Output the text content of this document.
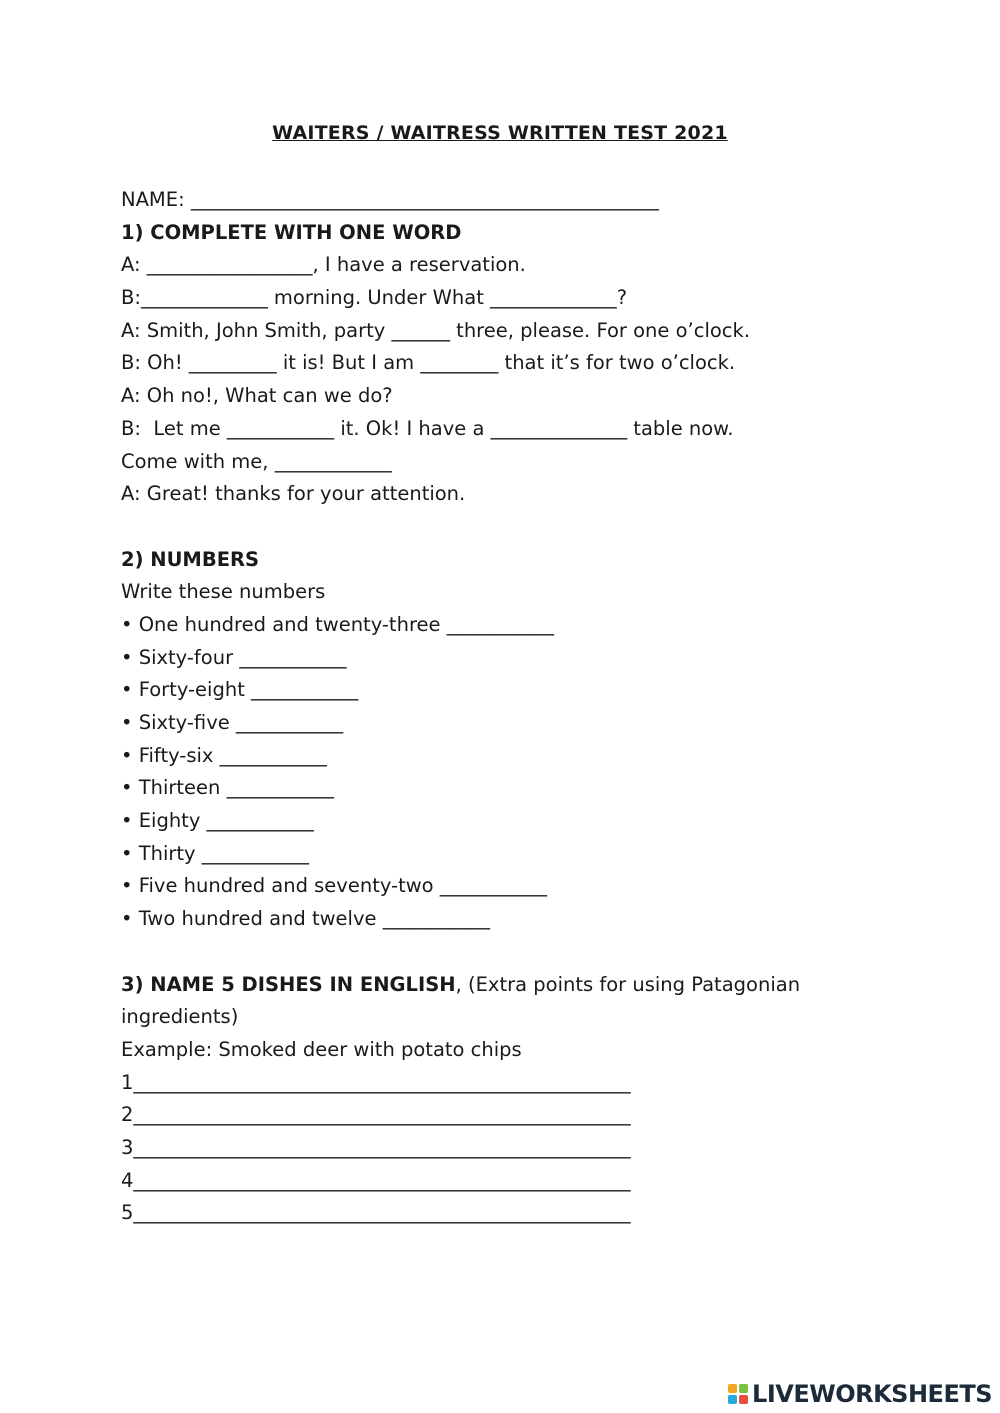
WAITERS / WAITRESS WRITTEN TEST 2021
NAME: ________________________________________________
1) COMPLETE WITH ONE WORD
A: _________________, I have a reservation.
B:_____________ morning. Under What _____________?
A: Smith, John Smith, party ______ three, please. For one o’clock.
B: Oh! _________ it is! But I am ________ that it’s for two o’clock.
A: Oh no!, What can we do?
B:  Let me ___________ it. Ok! I have a ______________ table now.
Come with me, ____________
A: Great! thanks for your attention.
2) NUMBERS
Write these numbers
• One hundred and twenty-three ___________
• Sixty-four ___________
• Forty-eight ___________
• Sixty-five ___________
• Fifty-six ___________
• Thirteen ___________
• Eighty ___________
• Thirty ___________
• Five hundred and seventy-two ___________
• Two hundred and twelve ___________
3) NAME 5 DISHES IN ENGLISH, (Extra points for using Patagonian
ingredients)
Example: Smoked deer with potato chips
1___________________________________________________
2___________________________________________________
3___________________________________________________
4___________________________________________________
5___________________________________________________
LIVEWORKSHEETS
